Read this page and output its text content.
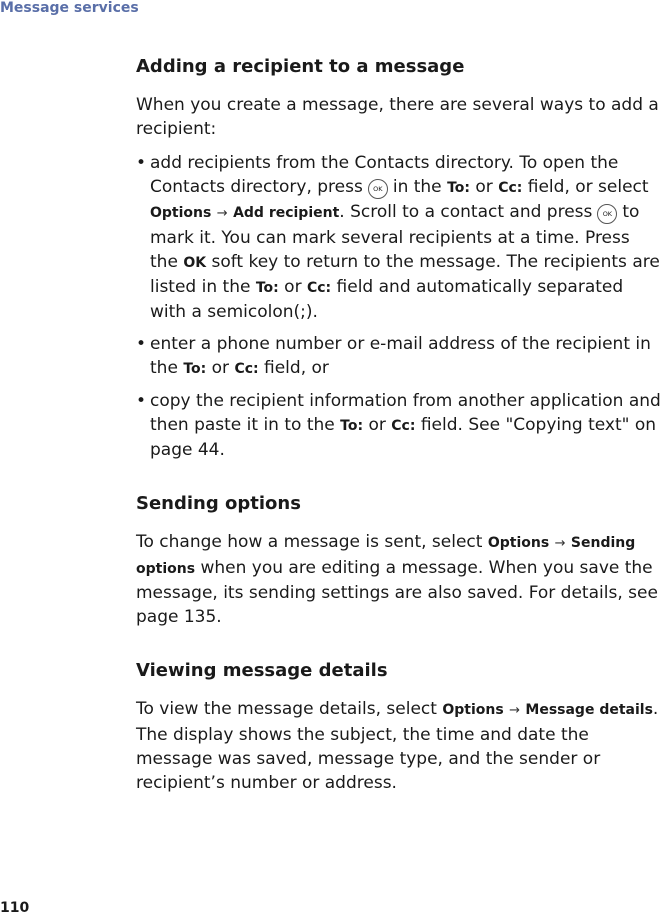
Message services
Adding a recipient to a message

When you create a message, there are several ways to add a recipient:

• add recipients from the Contacts directory. To open the Contacts directory, press OK in the To: or Cc: field, or select Options → Add recipient. Scroll to a contact and press OK to mark it. You can mark several recipients at a time. Press the OK soft key to return to the message. The recipients are listed in the To: or Cc: field and automatically separated with a semicolon(;).
• enter a phone number or e-mail address of the recipient in the To: or Cc: field, or
• copy the recipient information from another application and then paste it in to the To: or Cc: field. See "Copying text" on page 44.
Sending options

To change how a message is sent, select Options → Sending options when you are editing a message. When you save the message, its sending settings are also saved. For details, see page 135.

Viewing message details

To view the message details, select Options → Message details. The display shows the subject, the time and date the message was saved, message type, and the sender or recipient’s number or address.

110
